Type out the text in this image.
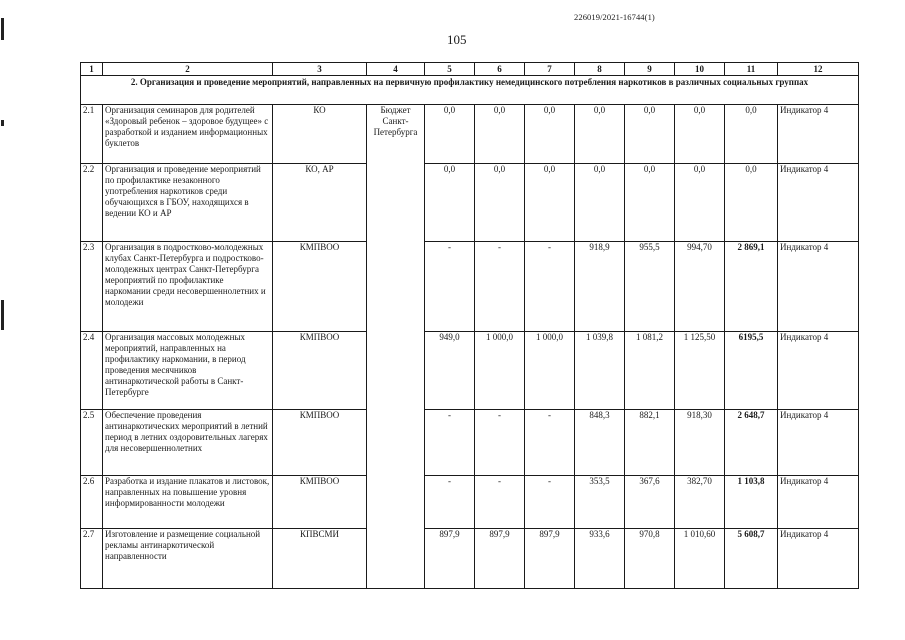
226019/2021-16744(1)
105
1	2	3	4	5	6	7	8	9	10	11	12
2. Организация и проведение мероприятий, направленных на первичную профилактику немедицинского потребления наркотиков в различных социальных группах											
2.1	Организация семинаров для родителей «Здоровый ребенок – здоровое будущее» с разработкой и изданием информационных буклетов	КО	Бюджет Санкт-Петербурга	0,0	0,0	0,0	0,0	0,0	0,0	0,0	Индикатор 4
2.2	Организация и проведение мероприятий по профилактике незаконного употребления наркотиков среди обучающихся в ГБОУ, находящихся в ведении КО и АР	КО, АР		0,0	0,0	0,0	0,0	0,0	0,0	0,0	Индикатор 4
2.3	Организация в подростково-молодежных клубах Санкт-Петербурга и подростково-молодежных центрах Санкт-Петербурга мероприятий по профилактике наркомании среди несовершеннолетних и молодежи	КМПВОО		-	-	-	918,9	955,5	994,70	2 869,1	Индикатор 4
2.4	Организация массовых молодежных мероприятий, направленных на профилактику наркомании, в период проведения месячников антинаркотической работы в Санкт-Петербурге	КМПВОО		949,0	1 000,0	1 000,0	1 039,8	1 081,2	1 125,50	6195,5	Индикатор 4
2.5	Обеспечение проведения антинаркотических мероприятий в летний период в летних оздоровительных лагерях для несовершеннолетних	КМПВОО		-	-	-	848,3	882,1	918,30	2 648,7	Индикатор 4
2.6	Разработка и издание плакатов и листовок, направленных на повышение уровня информированности молодежи	КМПВОО		-	-	-	353,5	367,6	382,70	1 103,8	Индикатор 4
2.7	Изготовление и размещение социальной рекламы антинаркотической направленности	КПВСМИ		897,9	897,9	897,9	933,6	970,8	1 010,60	5 608,7	Индикатор 4
